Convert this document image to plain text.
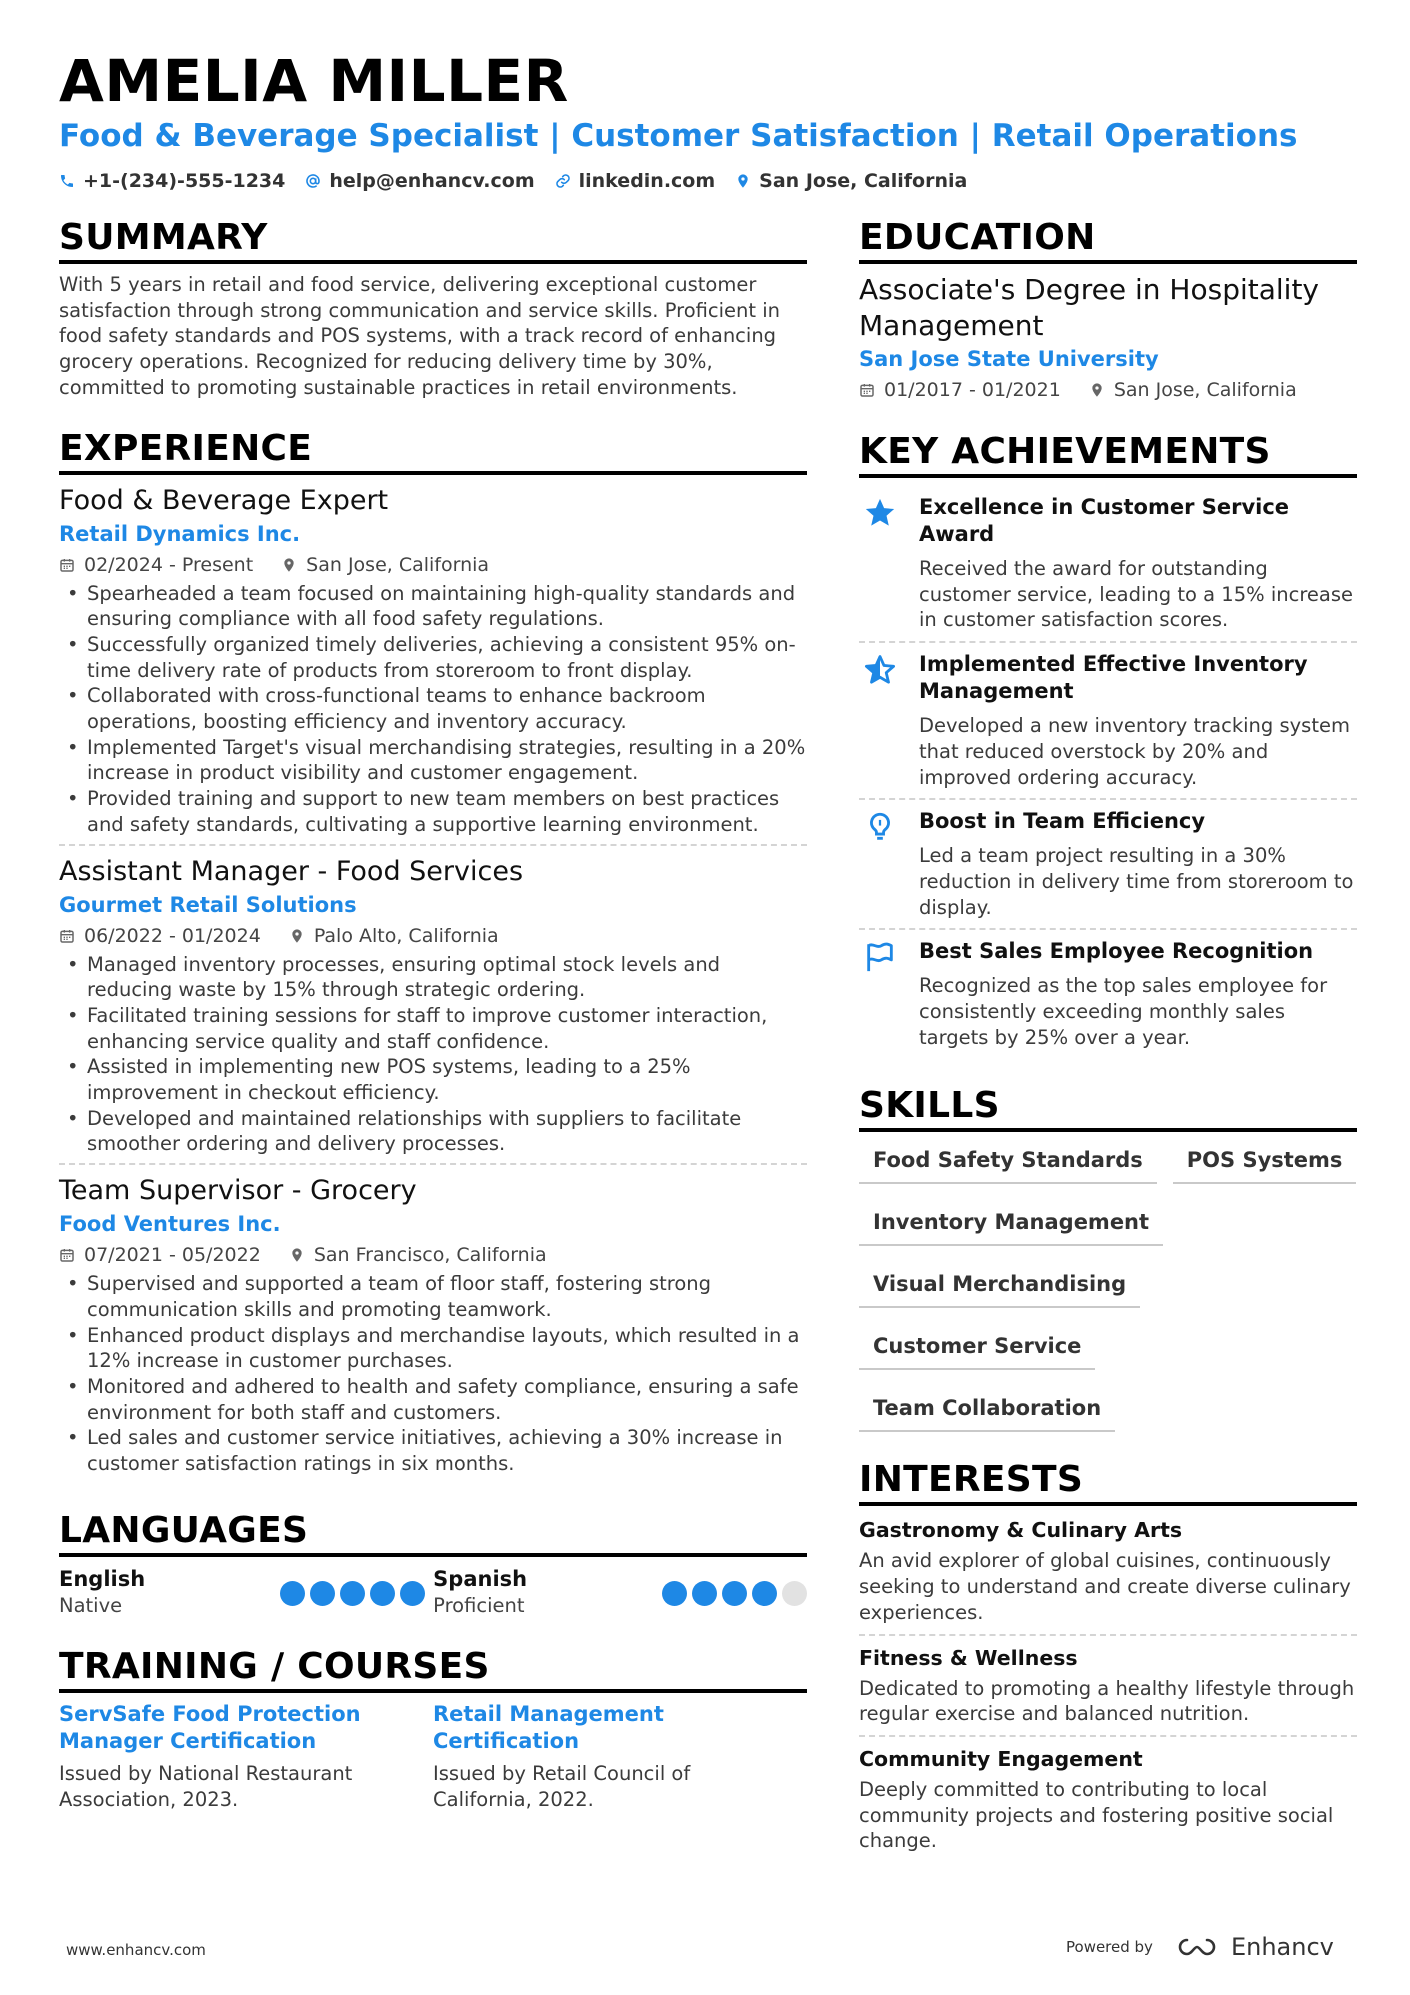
AMELIA MILLER
Food & Beverage Specialist | Customer Satisfaction | Retail Operations
+1-(234)-555-1234 help@enhancv.com linkedin.com San Jose, California
SUMMARY
With 5 years in retail and food service, delivering exceptional customer satisfaction through strong communication and service skills. Proficient in food safety standards and POS systems, with a track record of enhancing grocery operations. Recognized for reducing delivery time by 30%, committed to promoting sustainable practices in retail environments.
EXPERIENCE
Food & Beverage Expert
Retail Dynamics Inc.
02/2024 - Present	San Jose, California
• Spearheaded a team focused on maintaining high-quality standards and ensuring compliance with all food safety regulations.
• Successfully organized timely deliveries, achieving a consistent 95% on-time delivery rate of products from storeroom to front display.
• Collaborated with cross-functional teams to enhance backroom operations, boosting efficiency and inventory accuracy.
• Implemented Target's visual merchandising strategies, resulting in a 20% increase in product visibility and customer engagement.
• Provided training and support to new team members on best practices and safety standards, cultivating a supportive learning environment.
Assistant Manager - Food Services
Gourmet Retail Solutions
06/2022 - 01/2024	Palo Alto, California
• Managed inventory processes, ensuring optimal stock levels and reducing waste by 15% through strategic ordering.
• Facilitated training sessions for staff to improve customer interaction, enhancing service quality and staff confidence.
• Assisted in implementing new POS systems, leading to a 25% improvement in checkout efficiency.
• Developed and maintained relationships with suppliers to facilitate smoother ordering and delivery processes.
Team Supervisor - Grocery
Food Ventures Inc.
07/2021 - 05/2022	San Francisco, California
• Supervised and supported a team of floor staff, fostering strong communication skills and promoting teamwork.
• Enhanced product displays and merchandise layouts, which resulted in a 12% increase in customer purchases.
• Monitored and adhered to health and safety compliance, ensuring a safe environment for both staff and customers.
• Led sales and customer service initiatives, achieving a 30% increase in customer satisfaction ratings in six months.
LANGUAGES
English
Native
Spanish
Proficient
TRAINING / COURSES
ServSafe Food Protection Manager Certification
Issued by National Restaurant Association, 2023.
Retail Management Certification
Issued by Retail Council of California, 2022.
EDUCATION
Associate's Degree in Hospitality Management
San Jose State University
01/2017 - 01/2021	San Jose, California
KEY ACHIEVEMENTS
Excellence in Customer Service Award
Received the award for outstanding customer service, leading to a 15% increase in customer satisfaction scores.
Implemented Effective Inventory Management
Developed a new inventory tracking system that reduced overstock by 20% and improved ordering accuracy.
Boost in Team Efficiency
Led a team project resulting in a 30% reduction in delivery time from storeroom to display.
Best Sales Employee Recognition
Recognized as the top sales employee for consistently exceeding monthly sales targets by 25% over a year.
SKILLS
Food Safety Standards	POS Systems
Inventory Management
Visual Merchandising
Customer Service
Team Collaboration
INTERESTS
Gastronomy & Culinary Arts
An avid explorer of global cuisines, continuously seeking to understand and create diverse culinary experiences.
Fitness & Wellness
Dedicated to promoting a healthy lifestyle through regular exercise and balanced nutrition.
Community Engagement
Deeply committed to contributing to local community projects and fostering positive social change.
www.enhancv.com	Powered by	Enhancv
